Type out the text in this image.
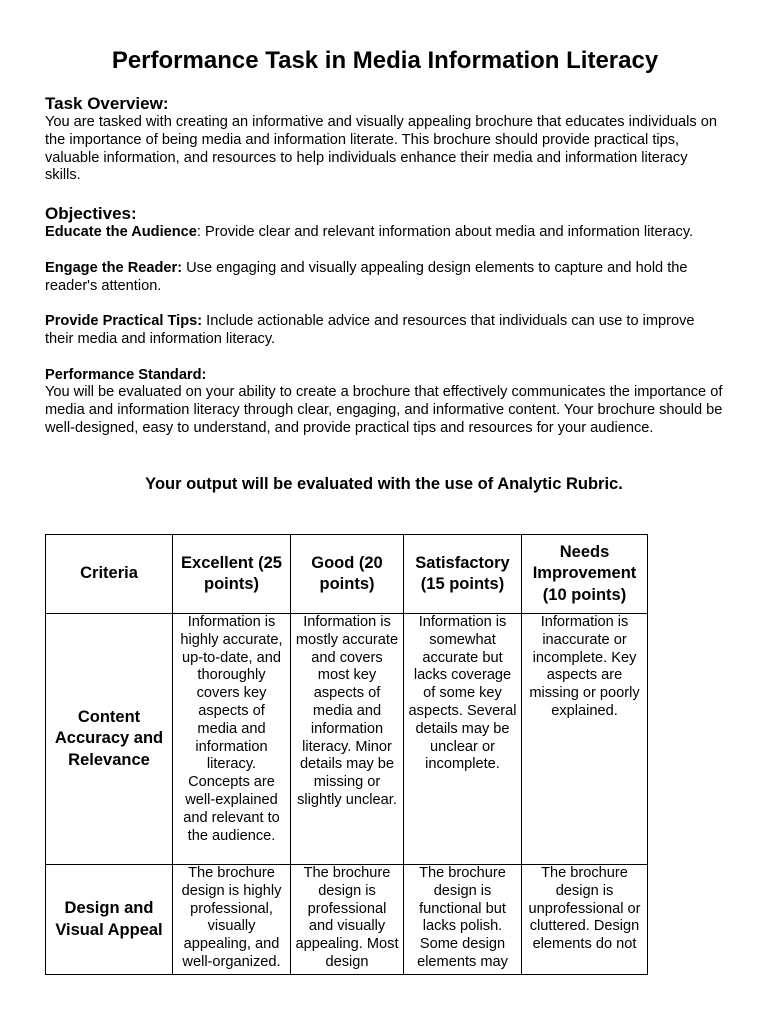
Performance Task in Media Information Literacy
Task Overview:

You are tasked with creating an informative and visually appealing brochure that educates individuals on the importance of being media and information literate. This brochure should provide practical tips, valuable information, and resources to help individuals enhance their media and information literacy skills.

Objectives:

Educate the Audience: Provide clear and relevant information about media and information literacy.

Engage the Reader: Use engaging and visually appealing design elements to capture and hold the reader's attention.

Provide Practical Tips: Include actionable advice and resources that individuals can use to improve their media and information literacy.

Performance Standard:

You will be evaluated on your ability to create a brochure that effectively communicates the importance of media and information literacy through clear, engaging, and informative content. Your brochure should be well-designed, easy to understand, and provide practical tips and resources for your audience.

Your output will be evaluated with the use of Analytic Rubric.
Criteria	Excellent (25 points)	Good (20 points)	Satisfactory (15 points)	Needs Improvement (10 points)
Content Accuracy and Relevance	Information is highly accurate, up-to-date, and thoroughly covers key aspects of media and information literacy. Concepts are well-explained and relevant to the audience.	Information is mostly accurate and covers most key aspects of media and information literacy. Minor details may be missing or slightly unclear.	Information is somewhat accurate but lacks coverage of some key aspects. Several details may be unclear or incomplete.	Information is inaccurate or incomplete. Key aspects are missing or poorly explained.
Design and Visual Appeal	The brochure design is highly professional, visually appealing, and well-organized.	The brochure design is professional and visually appealing. Most design	The brochure design is functional but lacks polish. Some design elements may	The brochure design is unprofessional or cluttered. Design elements do not
